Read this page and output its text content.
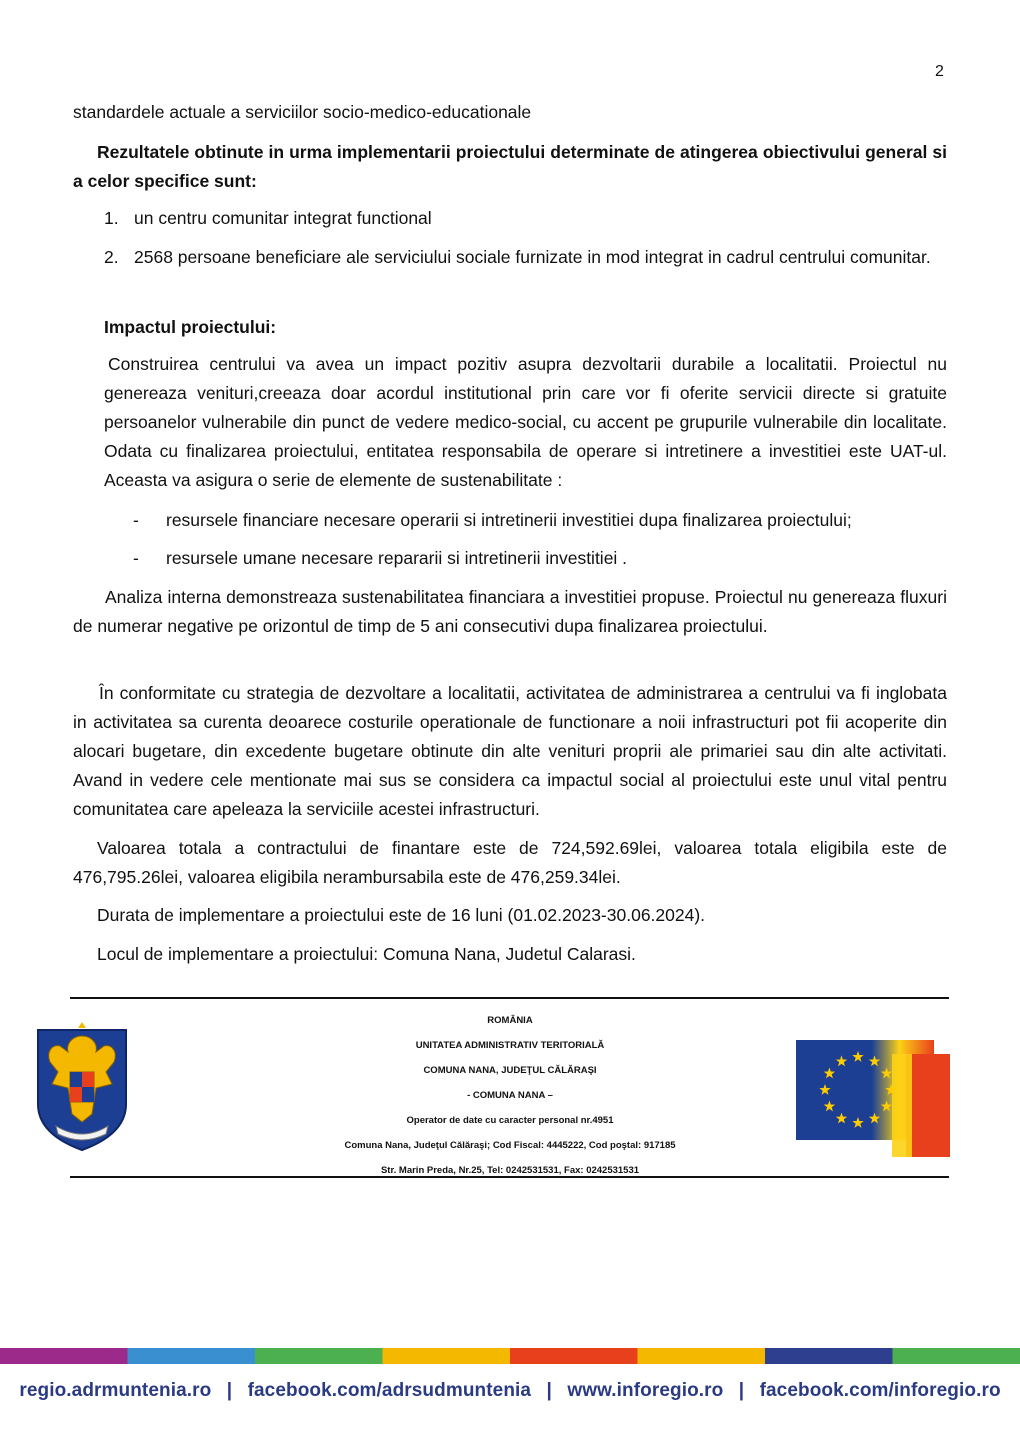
2
standardele actuale a serviciilor socio-medico-educationale
Rezultatele obtinute in urma implementarii proiectului determinate de atingerea obiectivului general si a celor specifice sunt:
1. un centru comunitar integrat functional
2. 2568 persoane beneficiare ale serviciului sociale furnizate in mod integrat in cadrul centrului comunitar.
Impactul proiectului:
Construirea centrului va avea un impact pozitiv asupra dezvoltarii durabile a localitatii. Proiectul nu genereaza venituri,creeaza doar acordul institutional prin care vor fi oferite servicii directe si gratuite persoanelor vulnerabile din punct de vedere medico-social, cu accent pe grupurile vulnerabile din localitate. Odata cu finalizarea proiectului, entitatea responsabila de operare si intretinere a investitiei este UAT-ul. Aceasta va asigura o serie de elemente de sustenabilitate :
-	resursele financiare necesare operarii si intretinerii investitiei dupa finalizarea proiectului;
-	resursele umane necesare repararii si intretinerii investitiei .
Analiza interna demonstreaza sustenabilitatea financiara a investitiei propuse. Proiectul nu genereaza fluxuri de numerar negative pe orizontul de timp de 5 ani consecutivi dupa finalizarea proiectului.
În conformitate cu strategia de dezvoltare a localitatii, activitatea de administrarea a centrului va fi inglobata in activitatea sa curenta deoarece costurile operationale de functionare a noii infrastructuri pot fii acoperite din alocari bugetare, din excedente bugetare obtinute din alte venituri proprii ale primariei sau din alte activitati. Avand in vedere cele mentionate mai sus se considera ca impactul social al proiectului este unul vital pentru comunitatea care apeleaza la serviciile acestei infrastructuri.
Valoarea totala a contractului de finantare este de 724,592.69lei, valoarea totala eligibila este de 476,795.26lei, valoarea eligibila nerambursabila este de 476,259.34lei.
Durata de implementare a proiectului este de 16 luni (01.02.2023-30.06.2024).
Locul de implementare a proiectului: Comuna Nana, Judetul Calarasi.
ROMÂNIA
UNITATEA ADMINISTRATIV TERITORIALĂ
COMUNA NANA, JUDEŢUL CĂLĂRAŞI
- COMUNA NANA –
Operator de date cu caracter personal nr.4951
Comuna Nana, Judeţul Călăraşi; Cod Fiscal: 4445222, Cod poştal: 917185
Str. Marin Preda, Nr.25, Tel: 0242531531, Fax: 0242531531
regio.adrmuntenia.ro | facebook.com/adrsudmuntenia | www.inforegio.ro | facebook.com/inforegio.ro
